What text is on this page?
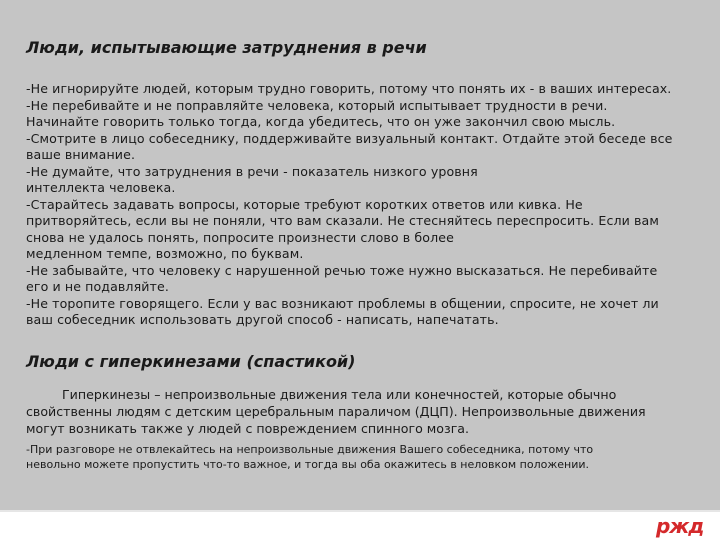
Люди, испытывающие затруднения в речи
-Не игнорируйте людей, которым трудно говорить, потому что понять их - в ваших интересах.
-Не перебивайте и не поправляйте человека, который испытывает трудности в речи.
Начинайте говорить только тогда, когда убедитесь, что он уже закончил свою мысль.
-Смотрите в лицо собеседнику, поддерживайте визуальный контакт. Отдайте этой беседе все
ваше внимание.
-Не думайте, что затруднения в речи - показатель низкого уровня
интеллекта человека.
-Старайтесь задавать вопросы, которые требуют коротких ответов или кивка. Не
притворяйтесь, если вы не поняли, что вам сказали. Не стесняйтесь переспросить. Если вам
снова не удалось понять, попросите произнести слово в более
медленном темпе, возможно, по буквам.
-Не забывайте, что человеку с нарушенной речью тоже нужно высказаться. Не перебивайте
его и не подавляйте.
-Не торопите говорящего. Если у вас возникают проблемы в общении, спросите, не хочет ли
ваш собеседник использовать другой способ - написать, напечатать.
Люди с гиперкинезами (спастикой)
Гиперкинезы – непроизвольные движения тела или конечностей, которые обычно
свойственны людям с детским церебральным параличом (ДЦП). Непроизвольные движения
могут возникать также у людей с повреждением спинного мозга.
-При разговоре не отвлекайтесь на непроизвольные движения Вашего собеседника, потому что
невольно можете пропустить что-то важное, и тогда вы оба окажитесь в неловком положении.
ржд
